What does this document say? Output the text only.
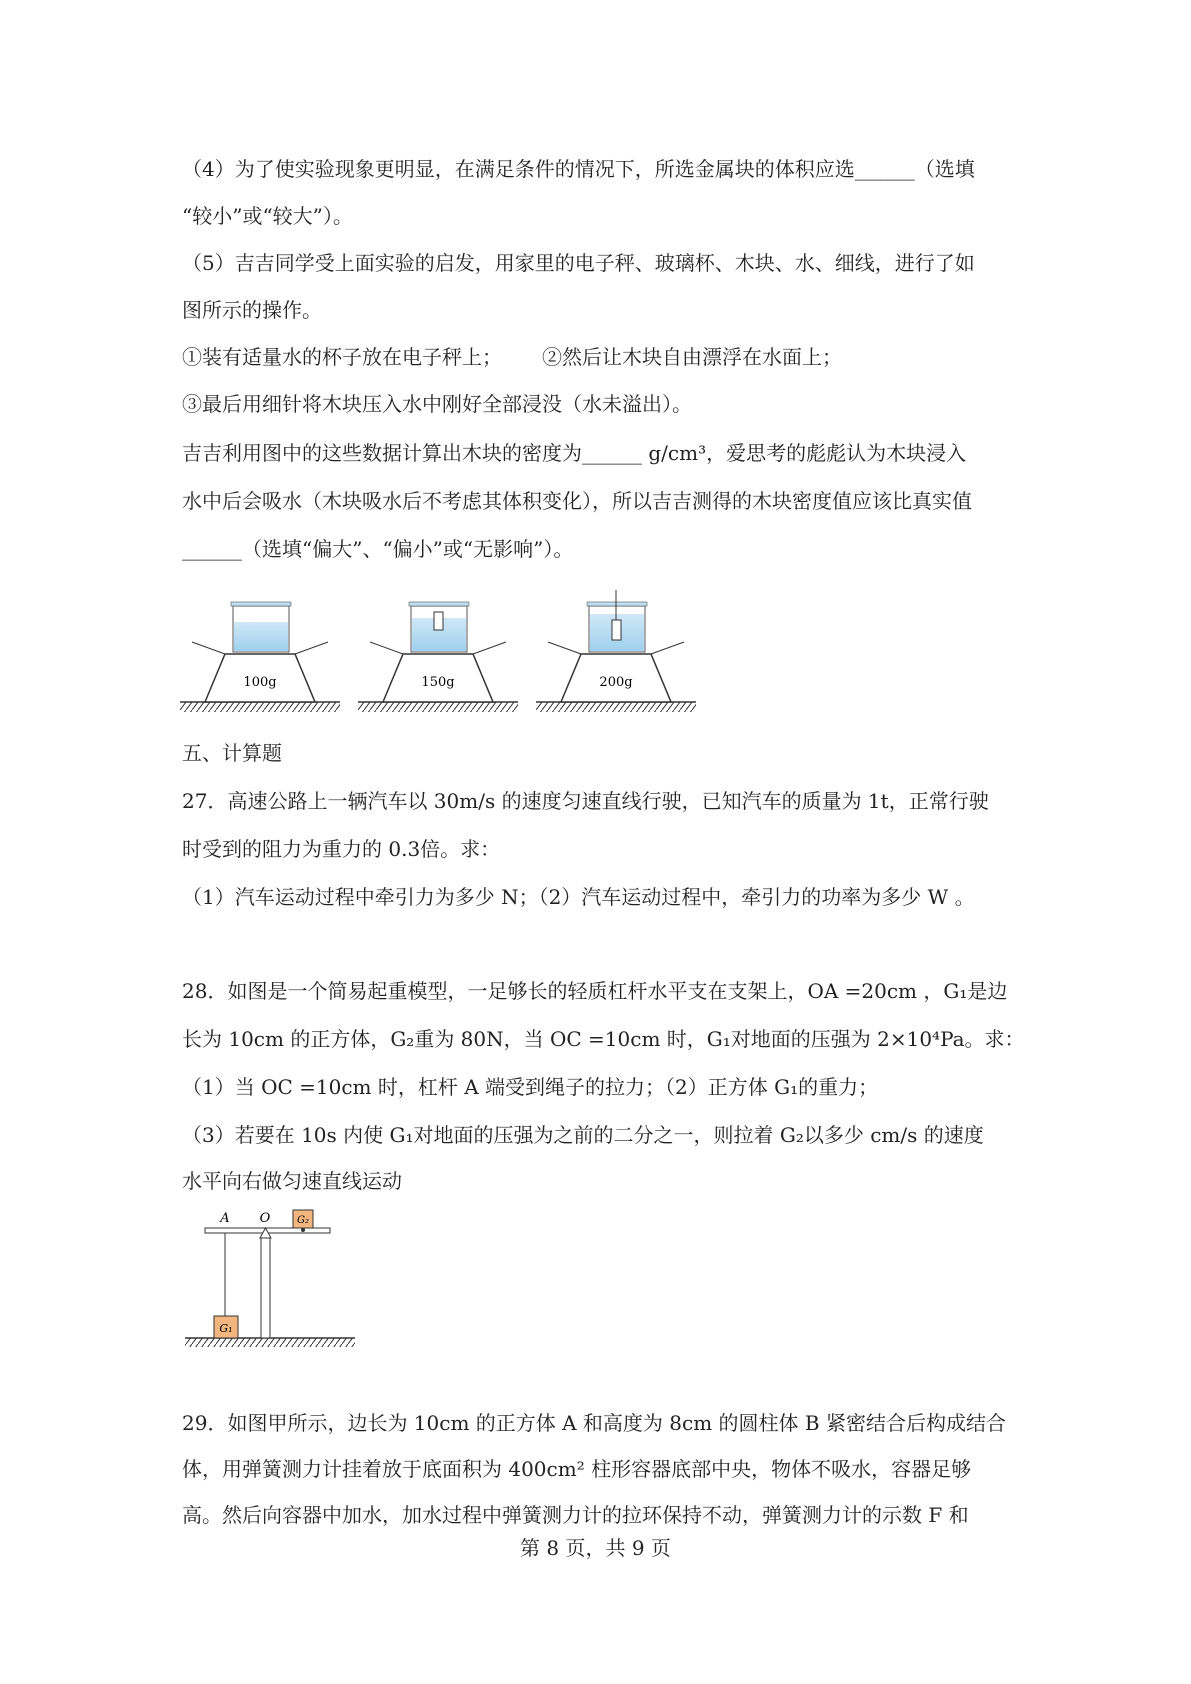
（4）为了使实验现象更明显，在满足条件的情况下，所选金属块的体积应选______（选填
“较小”或“较大”）。
（5）吉吉同学受上面实验的启发，用家里的电子秤、玻璃杯、木块、水、细线，进行了如
图所示的操作。
①装有适量水的杯子放在电子秤上； ②然后让木块自由漂浮在水面上；
③最后用细针将木块压入水中刚好全部浸没（水未溢出）。
吉吉利用图中的这些数据计算出木块的密度为______ g/cm³，爱思考的彪彪认为木块浸入
水中后会吸水（木块吸水后不考虑其体积变化），所以吉吉测得的木块密度值应该比真实值
______（选填“偏大”、“偏小”或“无影响”）。
100g	150g	200g
五、计算题
27．高速公路上一辆汽车以 30m/s 的速度匀速直线行驶，已知汽车的质量为 1t，正常行驶
时受到的阻力为重力的 0.3倍。求：
（1）汽车运动过程中牵引力为多少 N；（2）汽车运动过程中，牵引力的功率为多少 W 。
28．如图是一个简易起重模型，一足够长的轻质杠杆水平支在支架上，OA =20cm ，G₁是边
长为 10cm 的正方体，G₂重为 80N，当 OC =10cm 时，G₁对地面的压强为 2×10⁴Pa。求：
（1）当 OC =10cm 时，杠杆 A 端受到绳子的拉力；（2）正方体 G₁的重力；
（3）若要在 10s 内使 G₁对地面的压强为之前的二分之一，则拉着 G₂以多少 cm/s 的速度
水平向右做匀速直线运动
G₁
G₂
A O
29．如图甲所示，边长为 10cm 的正方体 A 和高度为 8cm 的圆柱体 B 紧密结合后构成结合
体，用弹簧测力计挂着放于底面积为 400cm² 柱形容器底部中央，物体不吸水，容器足够
高。然后向容器中加水，加水过程中弹簧测力计的拉环保持不动，弹簧测力计的示数 F 和
第 8 页，共 9 页
